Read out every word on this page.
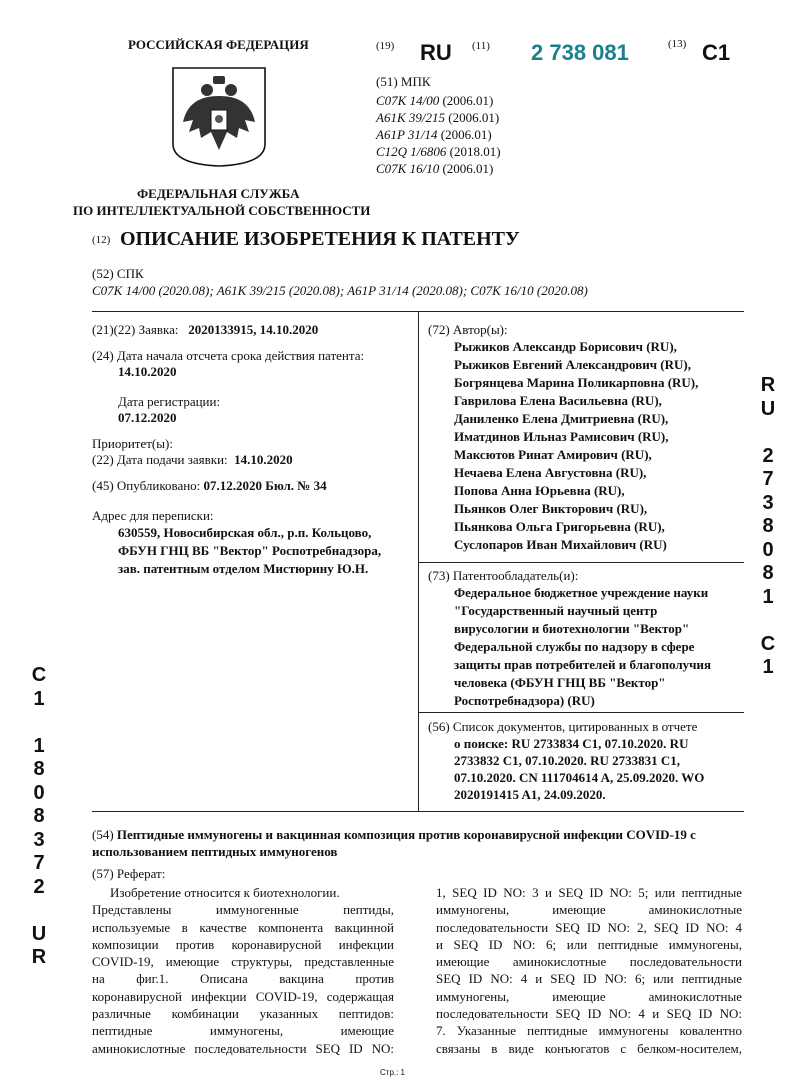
РОССИЙСКАЯ ФЕДЕРАЦИЯ
ФЕДЕРАЛЬНАЯ СЛУЖБА
ПО ИНТЕЛЛЕКТУАЛЬНОЙ СОБСТВЕННОСТИ
(19) RU (11) 2 738 081	(13) C1
(51) МПК
C07K 14/00 (2006.01)
A61K 39/215 (2006.01)
A61P 31/14 (2006.01)
C12Q 1/6806 (2018.01)
C07K 16/10 (2006.01)
(12) ОПИСАНИЕ ИЗОБРЕТЕНИЯ К ПАТЕНТУ
(52) СПК
C07K 14/00 (2020.08); A61K 39/215 (2020.08); A61P 31/14 (2020.08); C07K 16/10 (2020.08)
(21)(22) Заявка: 2020133915, 14.10.2020
(24) Дата начала отсчета срока действия патента:
14.10.2020
Дата регистрации:
07.12.2020
Приоритет(ы):
(22) Дата подачи заявки: 14.10.2020
(45) Опубликовано: 07.12.2020 Бюл. № 34
Адрес для переписки:
630559, Новосибирская обл., р.п. Кольцово,
ФБУН ГНЦ ВБ "Вектор" Роспотребнадзора,
зав. патентным отделом Мистюрину Ю.Н.
(72) Автор(ы):
Рыжиков Александр Борисович (RU),
Рыжиков Евгений Александрович (RU),
Богрянцева Марина Поликарповна (RU),
Гаврилова Елена Васильевна (RU),
Даниленко Елена Дмитриевна (RU),
Иматдинов Ильназ Рамисович (RU),
Максютов Ринат Амирович (RU),
Нечаева Елена Августовна (RU),
Попова Анна Юрьевна (RU),
Пьянков Олег Викторович (RU),
Пьянкова Ольга Григорьевна (RU),
Суслопаров Иван Михайлович (RU)
(73) Патентообладатель(и):
Федеральное бюджетное учреждение науки
"Государственный научный центр
вирусологии и биотехнологии "Вектор"
Федеральной службы по надзору в сфере
защиты прав потребителей и благополучия
человека (ФБУН ГНЦ ВБ "Вектор"
Роспотребнадзора) (RU)
(56) Список документов, цитированных в отчете
о поиске: RU 2733834 C1, 07.10.2020. RU
2733832 C1, 07.10.2020. RU 2733831 C1,
07.10.2020. CN 111704614 A, 25.09.2020. WO
2020191415 A1, 24.09.2020.
(54) Пептидные иммуногены и вакцинная композиция против коронавирусной инфекции COVID-19 с
использованием пептидных иммуногенов
(57) Реферат:
Изобретение относится к биотехнологии.
Представлены иммуногенные пептиды,
используемые в качестве компонента вакцинной
композиции против коронавирусной инфекции
COVID-19, имеющие структуры, представленные
на фиг.1. Описана вакцина против
коронавирусной инфекции COVID-19, содержащая
различные комбинации указанных пептидов:
пептидные иммуногены, имеющие
аминокислотные последовательности SEQ ID NO:
1, SEQ ID NO: 3 и SEQ ID NO: 5; или пептидные
иммуногены, имеющие аминокислотные
последовательности SEQ ID NO: 2, SEQ ID NO: 4
и SEQ ID NO: 6; или пептидные иммуногены,
имеющие аминокислотные последовательности
SEQ ID NO: 4 и SEQ ID NO: 6; или пептидные
иммуногены, имеющие аминокислотные
последовательности SEQ ID NO: 4 и SEQ ID NO:
7. Указанные пептидные иммуногены ковалентно
связаны в виде конъюгатов с белком-носителем,
C
1

1
8
0
8
3
7
2

U
R
R
U

2
7
3
8
0
8
1

C
1
Стр.: 1
